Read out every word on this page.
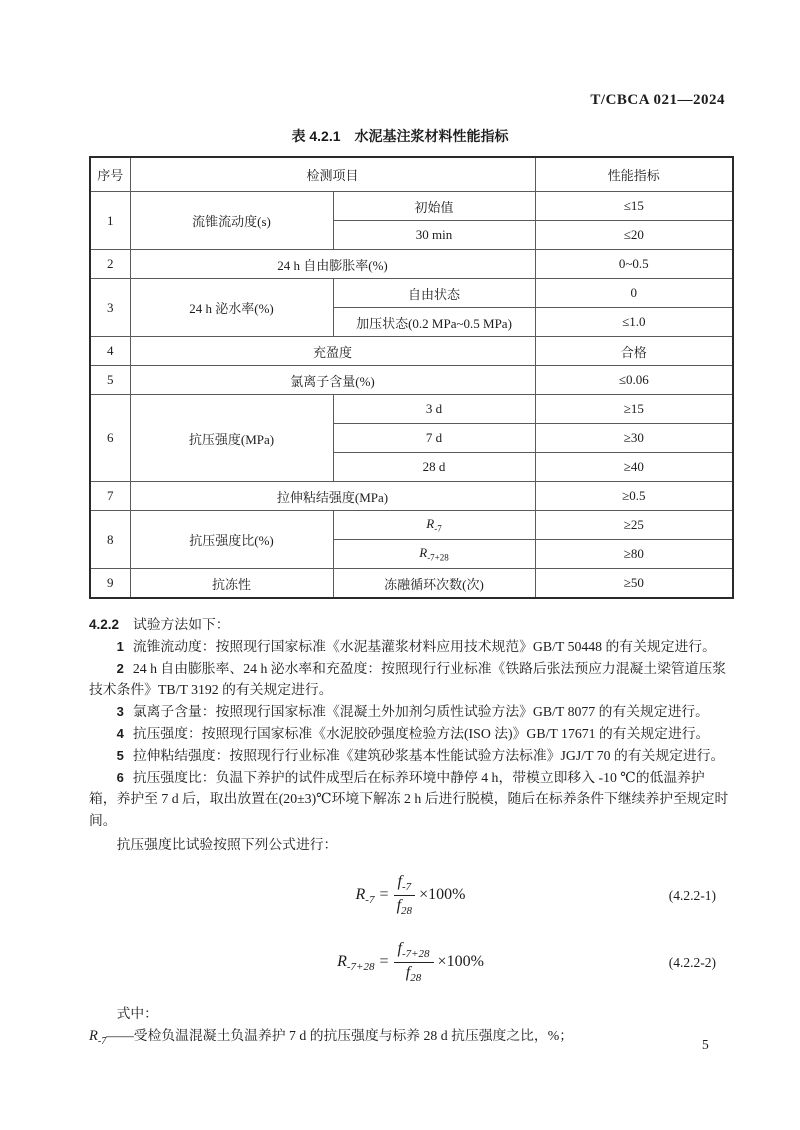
T/CBCA 021—2024
表 4.2.1　水泥基注浆材料性能指标
序号	检测项目		性能指标
1	流锥流动度(s)	初始值	≤15
		30 min	≤20
2	24 h 自由膨胀率(%)		0~0.5
3	24 h 泌水率(%)	自由状态	0
		加压状态(0.2 MPa~0.5 MPa)	≤1.0
4	充盈度		合格
5	氯离子含量(%)		≤0.06
6	抗压强度(MPa)	3 d	≥15
		7 d	≥30
		28 d	≥40
7	拉伸粘结强度(MPa)		≥0.5
8	抗压强度比(%)	$R_{-7}$	≥25
		$R_{-7+28}$	≥80
9	抗冻性	冻融循环次数(次)	≥50

4.2.2 试验方法如下：

1 流锥流动度：按照现行国家标准《水泥基灌浆材料应用技术规范》GB/T 50448 的有关规定进行。

2 24 h 自由膨胀率、24 h 泌水率和充盈度：按照现行行业标准《铁路后张法预应力混凝土梁管道压浆技术条件》TB/T 3192 的有关规定进行。

3 氯离子含量：按照现行国家标准《混凝土外加剂匀质性试验方法》GB/T 8077 的有关规定进行。

4 抗压强度：按照现行国家标准《水泥胶砂强度检验方法(ISO 法)》GB/T 17671 的有关规定进行。

5 拉伸粘结强度：按照现行行业标准《建筑砂浆基本性能试验方法标准》JGJ/T 70 的有关规定进行。

6 抗压强度比：负温下养护的试件成型后在标养环境中静停 4 h，带模立即移入 -10 ℃的低温养护箱，养护至 7 d 后，取出放置在(20±3)℃环境下解冻 2 h 后进行脱模，随后在标养条件下继续养护至规定时间。

抗压强度比试验按照下列公式进行：

$R_{-7} = \frac{f_{-7}}{f_{28}} \times 100\%$	(4.2.2-1)
$R_{-7+28} = \frac{f_{-7+28}}{f_{28}} \times 100\%$	(4.2.2-2)

式中：

$R_{-7}——$受检负温混凝土负温养护 7 d 的抗压强度与标养 28 d 抗压强度之比，%；

5
